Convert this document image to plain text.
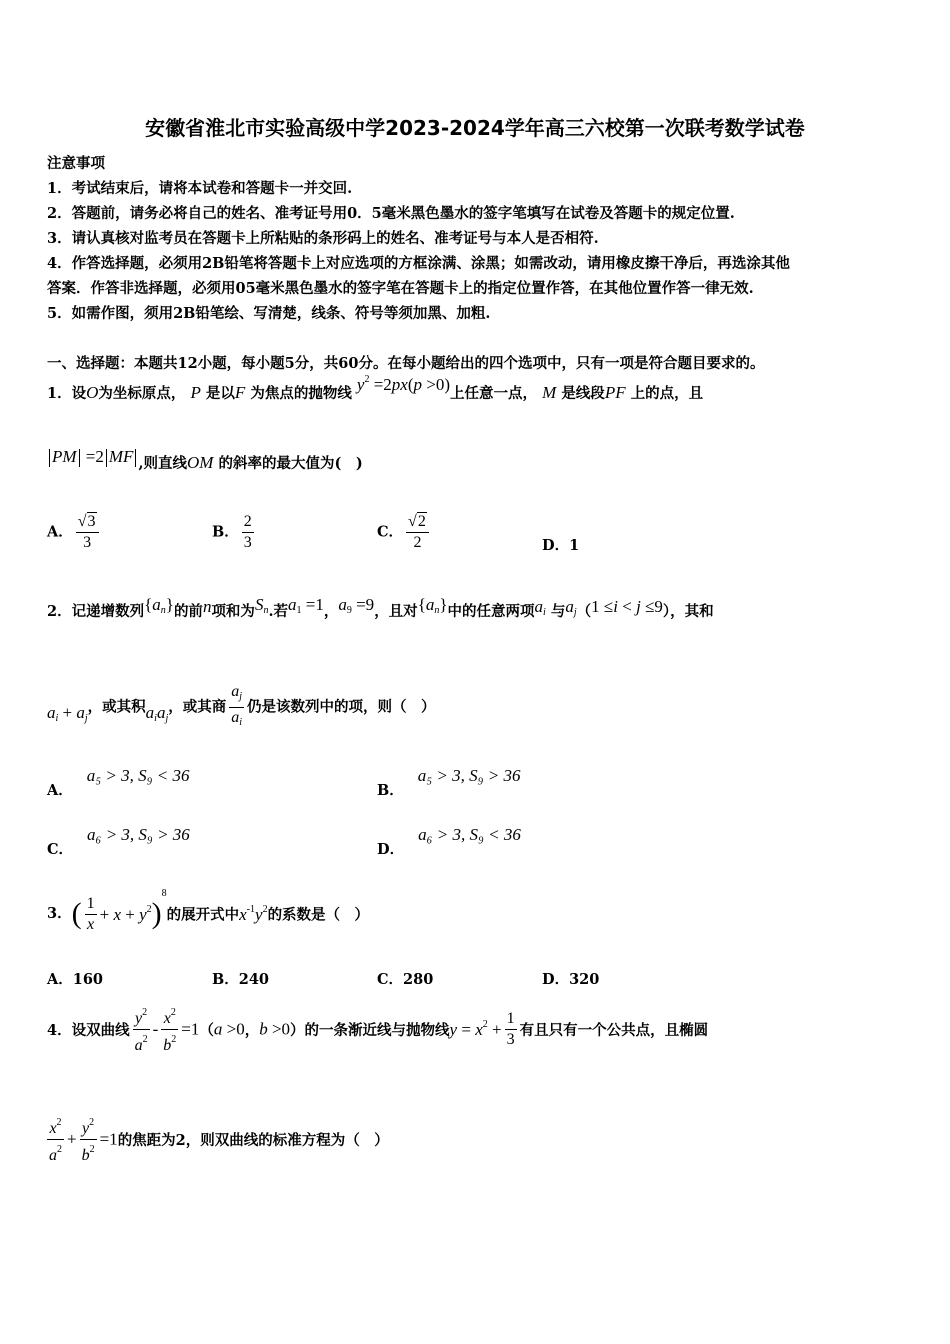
安徽省淮北市实验高级中学2023-2024学年高三六校第一次联考数学试卷
注意事项
1．考试结束后，请将本试卷和答题卡一并交回.
2．答题前，请务必将自己的姓名、准考证号用0．5毫米黑色墨水的签字笔填写在试卷及答题卡的规定位置.
3．请认真核对监考员在答题卡上所粘贴的条形码上的姓名、准考证号与本人是否相符.
4．作答选择题，必须用2B铅笔将答题卡上对应选项的方框涂满、涂黑；如需改动，请用橡皮擦干净后，再选涂其他
答案．作答非选择题，必须用05毫米黑色墨水的签字笔在答题卡上的指定位置作答，在其他位置作答一律无效.
5．如需作图，须用2B铅笔绘、写清楚，线条、符号等须加黑、加粗.
一、选择题：本题共12小题，每小题5分，共60分。在每小题给出的四个选项中，只有一项是符合题目要求的。
1．设O为坐标原点， P 是以F 为焦点的抛物线 $y^2 =2px(p >0)$上任意一点， M 是线段PF 上的点，且
PM =2 MF ,则直线OM 的斜率的最大值为(　)
A． $\frac{√3}{3}$	B． $\frac{2}{3}$	C． $\frac{√2}{2}$	D．1
2．记递增数列$\{a_n\}$的前n项和为$S_n$.若$a_1 =1$，$a_9 =9$，且对$\{a_n\}$中的任意两项$a_i$ 与$a_j(1 \le i < j \le 9)$，其和
$a_i + a_j$，或其积$a_ia_j$，或其商 $\frac{a_j}{a_i}$ 仍是该数列中的项，则（　）
A．a₅ > 3, S₉ < 36
B．a₅ > 3, S₉ > 36
C．a₆ > 3, S₉ > 36
D．a₆ > 3, S₉ < 36
3．( $\frac{1}{x} + x + y^2)^8$的展开式中$x^{-1}y^2$的系数是（　）
A．160	B．240	C．280	D．320
4．设双曲线 $\frac{y^2}{a^2} - \frac{x^2}{b^2} =1(a >0$，b >0）的一条渐近线与抛物线$y = x^2 + \frac{1}{3}$ 有且只有一个公共点，且椭圆
$\frac{x^2}{a^2} + \frac{y^2}{b^2} =1$的焦距为2，则双曲线的标准方程为（　）
